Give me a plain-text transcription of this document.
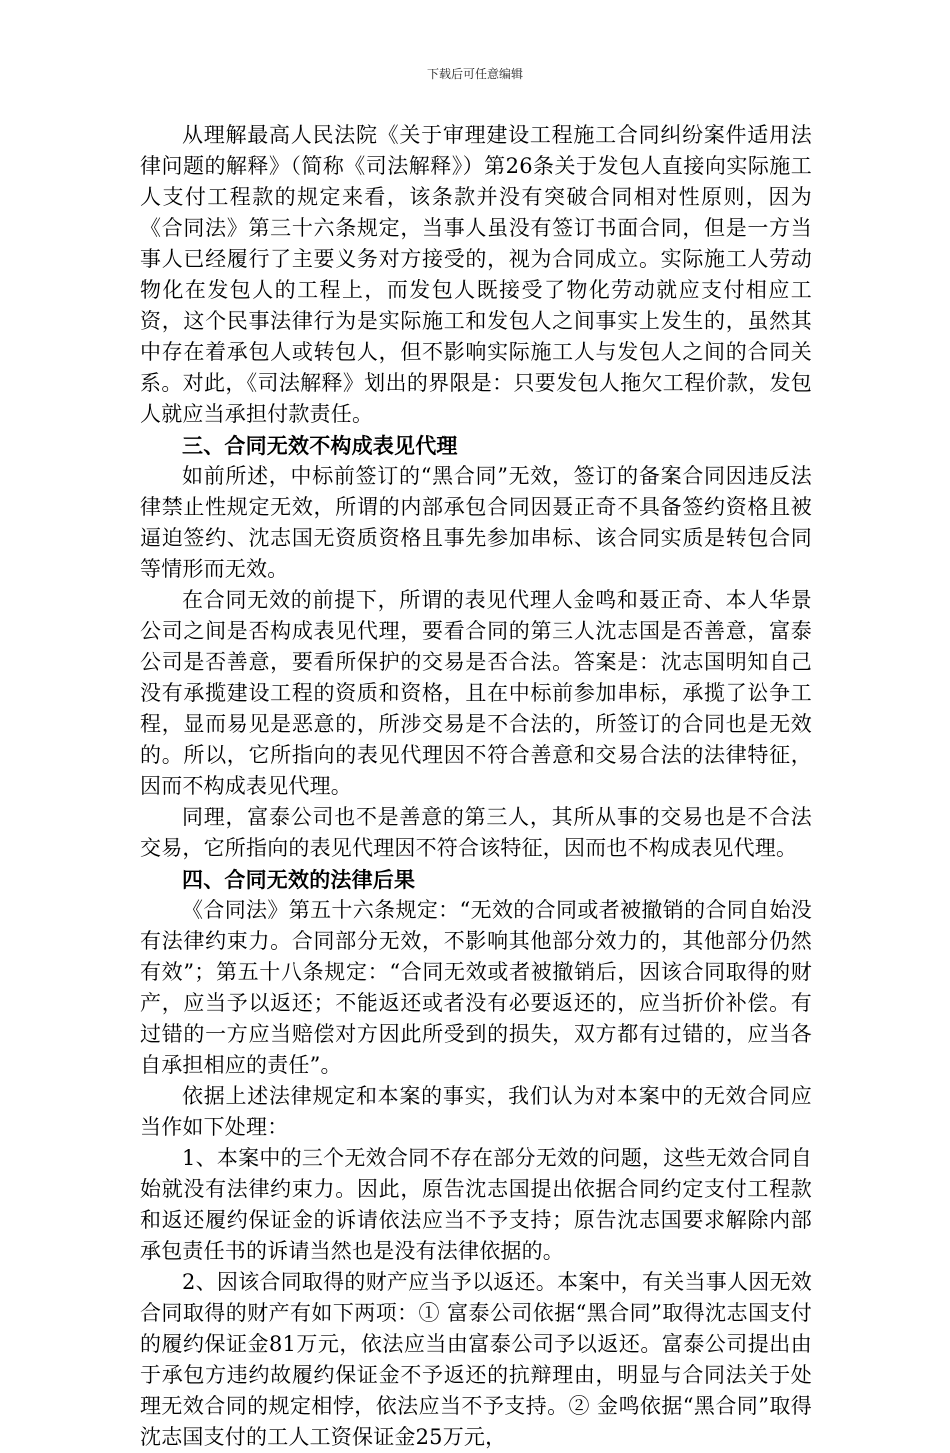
下载后可任意编辑

从理解最高人民法院《关于审理建设工程施工合同纠纷案件适用法律问题的解释》（简称《司法解释》）第26条关于发包人直接向实际施工人支付工程款的规定来看，该条款并没有突破合同相对性原则，因为《合同法》第三十六条规定，当事人虽没有签订书面合同，但是一方当事人已经履行了主要义务对方接受的，视为合同成立。实际施工人劳动物化在发包人的工程上，而发包人既接受了物化劳动就应支付相应工资，这个民事法律行为是实际施工和发包人之间事实上发生的，虽然其中存在着承包人或转包人，但不影响实际施工人与发包人之间的合同关系。对此，《司法解释》划出的界限是：只要发包人拖欠工程价款，发包人就应当承担付款责任。

三、合同无效不构成表见代理

如前所述，中标前签订的“黑合同”无效，签订的备案合同因违反法律禁止性规定无效，所谓的内部承包合同因聂正奇不具备签约资格且被逼迫签约、沈志国无资质资格且事先参加串标、该合同实质是转包合同等情形而无效。

在合同无效的前提下，所谓的表见代理人金鸣和聂正奇、本人华景公司之间是否构成表见代理，要看合同的第三人沈志国是否善意，富泰公司是否善意，要看所保护的交易是否合法。答案是：沈志国明知自己没有承揽建设工程的资质和资格，且在中标前参加串标，承揽了讼争工程，显而易见是恶意的，所涉交易是不合法的，所签订的合同也是无效的。所以，它所指向的表见代理因不符合善意和交易合法的法律特征，因而不构成表见代理。

同理，富泰公司也不是善意的第三人，其所从事的交易也是不合法交易，它所指向的表见代理因不符合该特征，因而也不构成表见代理。

四、合同无效的法律后果

《合同法》第五十六条规定：“无效的合同或者被撤销的合同自始没有法律约束力。合同部分无效，不影响其他部分效力的，其他部分仍然有效”；第五十八条规定：“合同无效或者被撤销后，因该合同取得的财产，应当予以返还；不能返还或者没有必要返还的，应当折价补偿。有过错的一方应当赔偿对方因此所受到的损失，双方都有过错的，应当各自承担相应的责任”。

依据上述法律规定和本案的事实，我们认为对本案中的无效合同应当作如下处理：

1、本案中的三个无效合同不存在部分无效的问题，这些无效合同自始就没有法律约束力。因此，原告沈志国提出依据合同约定支付工程款和返还履约保证金的诉请依法应当不予支持；原告沈志国要求解除内部承包责任书的诉请当然也是没有法律依据的。

2、因该合同取得的财产应当予以返还。本案中，有关当事人因无效合同取得的财产有如下两项：① 富泰公司依据“黑合同”取得沈志国支付的履约保证金81万元，依法应当由富泰公司予以返还。富泰公司提出由于承包方违约故履约保证金不予返还的抗辩理由，明显与合同法关于处理无效合同的规定相悖，依法应当不予支持。② 金鸣依据“黑合同”取得沈志国支付的工人工资保证金25万元，
